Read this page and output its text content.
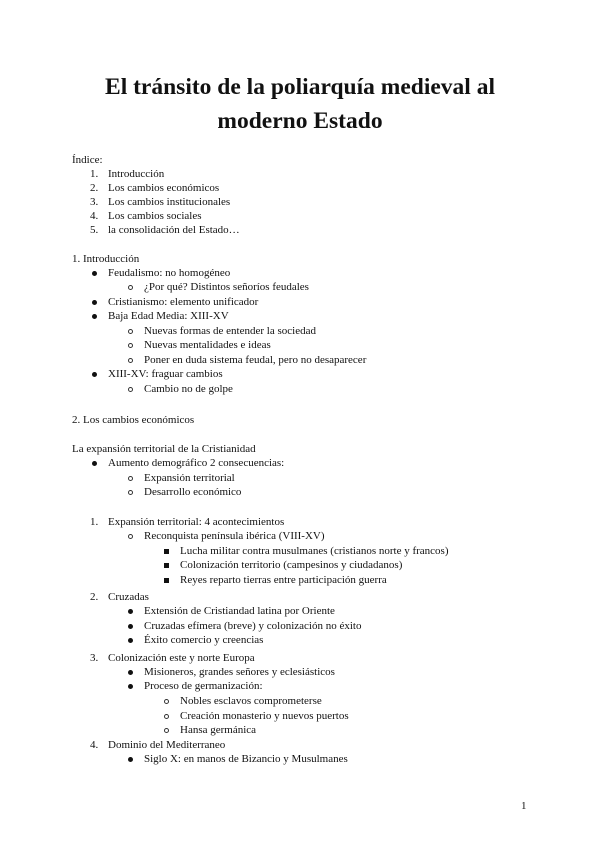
El tránsito de la poliarquía medieval al
moderno Estado
Índice:
1. Introducción
2. Los cambios económicos
3. Los cambios institucionales
4. Los cambios sociales
5. la consolidación del Estado…
1. Introducción
Feudalismo: no homogéneo
¿Por qué? Distintos señoríos feudales
Cristianismo: elemento unificador
Baja Edad Media: XIII-XV
Nuevas formas de entender la sociedad
Nuevas mentalidades e ideas
Poner en duda sistema feudal, pero no desaparecer
XIII-XV: fraguar cambios
Cambio no de golpe
2. Los cambios económicos
La expansión territorial de la Cristianidad
Aumento demográfico 2 consecuencias:
Expansión territorial
Desarrollo económico
1. Expansión territorial: 4 acontecimientos
Reconquista península ibérica (VIII-XV)
Lucha militar contra musulmanes (cristianos norte y francos)
Colonización territorio (campesinos y ciudadanos)
Reyes reparto tierras entre participación guerra
2. Cruzadas
Extensión de Cristiandad latina por Oriente
Cruzadas efímera (breve) y colonización no éxito
Éxito comercio y creencias
3. Colonización este y norte Europa
Misioneros, grandes señores y eclesiásticos
Proceso de germanización:
Nobles esclavos comprometerse
Creación monasterio y nuevos puertos
Hansa germánica
4. Dominio del Mediterraneo
Siglo X: en manos de Bizancio y Musulmanes
1
